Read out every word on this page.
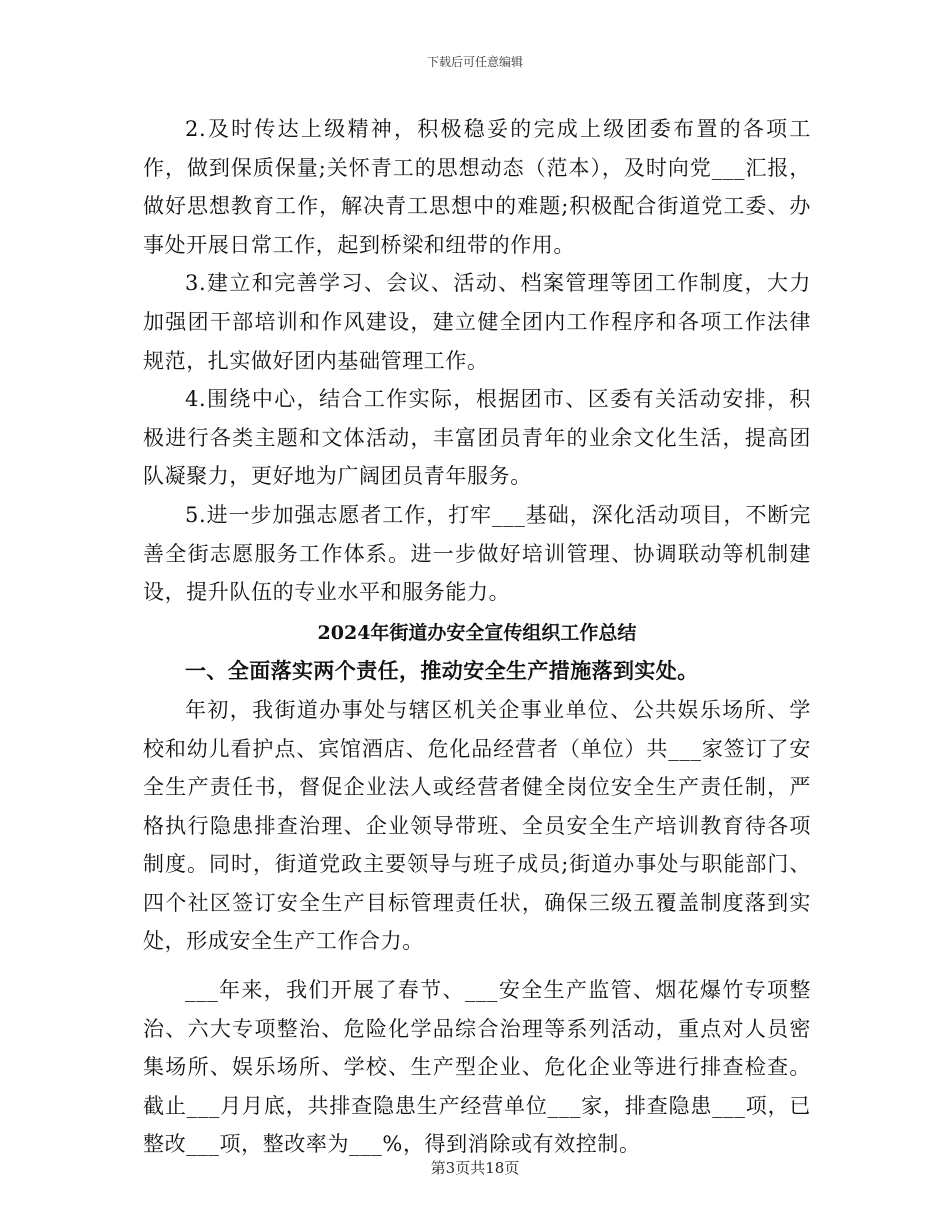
下载后可任意编辑

2.及时传达上级精神，积极稳妥的完成上级团委布置的各项工作，做到保质保量;关怀青工的思想动态（范本），及时向党___汇报，做好思想教育工作，解决青工思想中的难题;积极配合街道党工委、办事处开展日常工作，起到桥梁和纽带的作用。

3.建立和完善学习、会议、活动、档案管理等团工作制度，大力加强团干部培训和作风建设，建立健全团内工作程序和各项工作法律规范，扎实做好团内基础管理工作。

4.围绕中心，结合工作实际，根据团市、区委有关活动安排，积极进行各类主题和文体活动，丰富团员青年的业余文化生活，提高团队凝聚力，更好地为广阔团员青年服务。

5.进一步加强志愿者工作，打牢___基础，深化活动项目，不断完善全街志愿服务工作体系。进一步做好培训管理、协调联动等机制建设，提升队伍的专业水平和服务能力。

2024年街道办安全宣传组织工作总结
一、全面落实两个责任，推动安全生产措施落到实处。

年初，我街道办事处与辖区机关企事业单位、公共娱乐场所、学校和幼儿看护点、宾馆酒店、危化品经营者（单位）共___家签订了安全生产责任书，督促企业法人或经营者健全岗位安全生产责任制，严格执行隐患排查治理、企业领导带班、全员安全生产培训教育待各项制度。同时，街道党政主要领导与班子成员;街道办事处与职能部门、四个社区签订安全生产目标管理责任状，确保三级五覆盖制度落到实处，形成安全生产工作合力。

___年来，我们开展了春节、___安全生产监管、烟花爆竹专项整治、六大专项整治、危险化学品综合治理等系列活动，重点对人员密集场所、娱乐场所、学校、生产型企业、危化企业等进行排查检查。截止___月月底，共排查隐患生产经营单位___家，排查隐患___项，已整改___项，整改率为___%，得到消除或有效控制。

第3页共18页
